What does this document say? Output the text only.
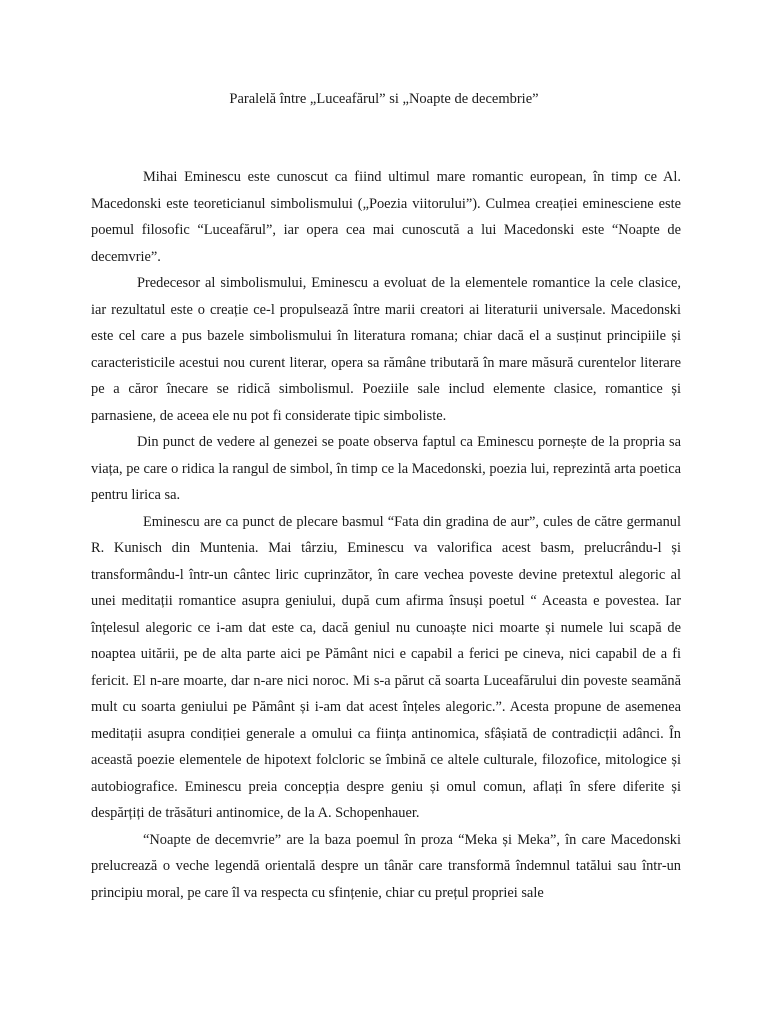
Paralelă între „Luceafărul” si „Noapte de decembrie”

Mihai Eminescu este cunoscut ca fiind ultimul mare romantic european, în timp ce Al. Macedonski este teoreticianul simbolismului („Poezia viitorului”). Culmea creației eminesciene este poemul filosofic “Luceafărul”, iar opera cea mai cunoscută a lui Macedonski este “Noapte de decemvrie”.

Predecesor al simbolismului, Eminescu a evoluat de la elementele romantice la cele clasice, iar rezultatul este o creație ce-l propulsează între marii creatori ai literaturii universale. Macedonski este cel care a pus bazele simbolismului în literatura romana; chiar dacă el a susținut principiile și caracteristicile acestui nou curent literar, opera sa rămâne tributară în mare măsură curentelor literare pe a căror înecare se ridică simbolismul. Poeziile sale includ elemente clasice, romantice și parnasiene, de aceea ele nu pot fi considerate tipic simboliste.

Din punct de vedere al genezei se poate observa faptul ca Eminescu pornește de la propria sa viața, pe care o ridica la rangul de simbol, în timp ce la Macedonski, poezia lui, reprezintă arta poetica pentru lirica sa.

Eminescu are ca punct de plecare basmul “Fata din gradina de aur”, cules de către germanul R. Kunisch din Muntenia. Mai târziu, Eminescu va valorifica acest basm, prelucrându-l și transformându-l într-un cântec liric cuprinzător, în care vechea poveste devine pretextul alegoric al unei meditații romantice asupra geniului, după cum afirma însuși poetul “ Aceasta e povestea. Iar înțelesul alegoric ce i-am dat este ca, dacă geniul nu cunoaște nici moarte și numele lui scapă de noaptea uitării, pe de alta parte aici pe Pământ nici e capabil a ferici pe cineva, nici capabil de a fi fericit. El n-are moarte, dar n-are nici noroc. Mi s-a părut că soarta Luceafărului din poveste seamănă mult cu soarta geniului pe Pământ și i-am dat acest înțeles alegoric.”. Acesta propune de asemenea meditații asupra condiției generale a omului ca ființa antinomica, sfâșiată de contradicții adânci. În această poezie elementele de hipotext folcloric se îmbină ce altele culturale, filozofice, mitologice și autobiografice. Eminescu preia concepția despre geniu și omul comun, aflați în sfere diferite și despărțiți de trăsături antinomice, de la A. Schopenhauer.

“Noapte de decemvrie” are la baza poemul în proza “Meka și Meka”, în care Macedonski prelucrează o veche legendă orientală despre un tânăr care transformă îndemnul tatălui sau într-un principiu moral, pe care îl va respecta cu sfințenie, chiar cu prețul propriei sale
